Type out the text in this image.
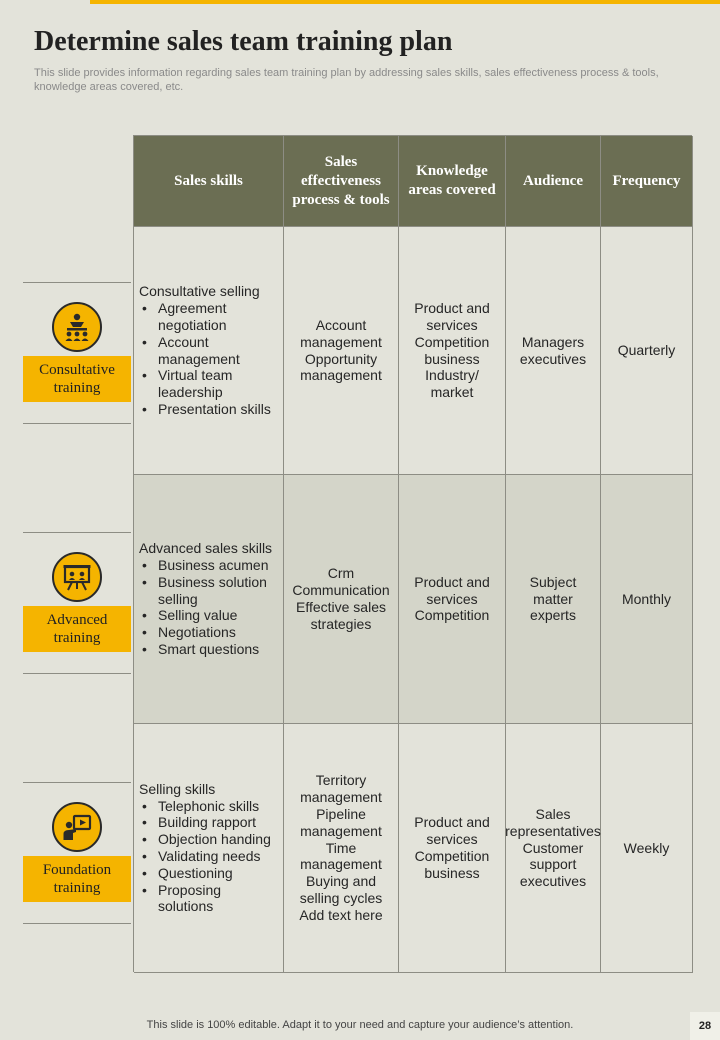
Determine sales team training plan

This slide provides information regarding sales team training plan by addressing sales skills, sales effectiveness process & tools, knowledge areas covered, etc.

Consultative training
Advanced training
Foundation training
Sales skills
Sales effectiveness process & tools
Knowledge areas covered
Audience	Frequency
Consultative selling
• Agreement negotiation
• Account management
• Virtual team leadership
• Presentation skills
Account management
Opportunity management
Product and services
Competition
business
Industry/ market
Managers
executives
Quarterly
Advanced sales skills
• Business acumen
• Business solution selling
• Selling value
• Negotiations
• Smart questions
Crm
Communication
Effective sales strategies
Product and services
Competition
Subject matter experts
Monthly
Selling skills
• Telephonic skills
• Building rapport
• Objection handing
• Validating needs
• Questioning
• Proposing solutions
Territory management
Pipeline management
Time management
Buying and selling cycles
Add text here
Product and services
Competition
business
Sales representatives
Customer support executives
Weekly
This slide is 100% editable. Adapt it to your need and capture your audience’s attention.	28
